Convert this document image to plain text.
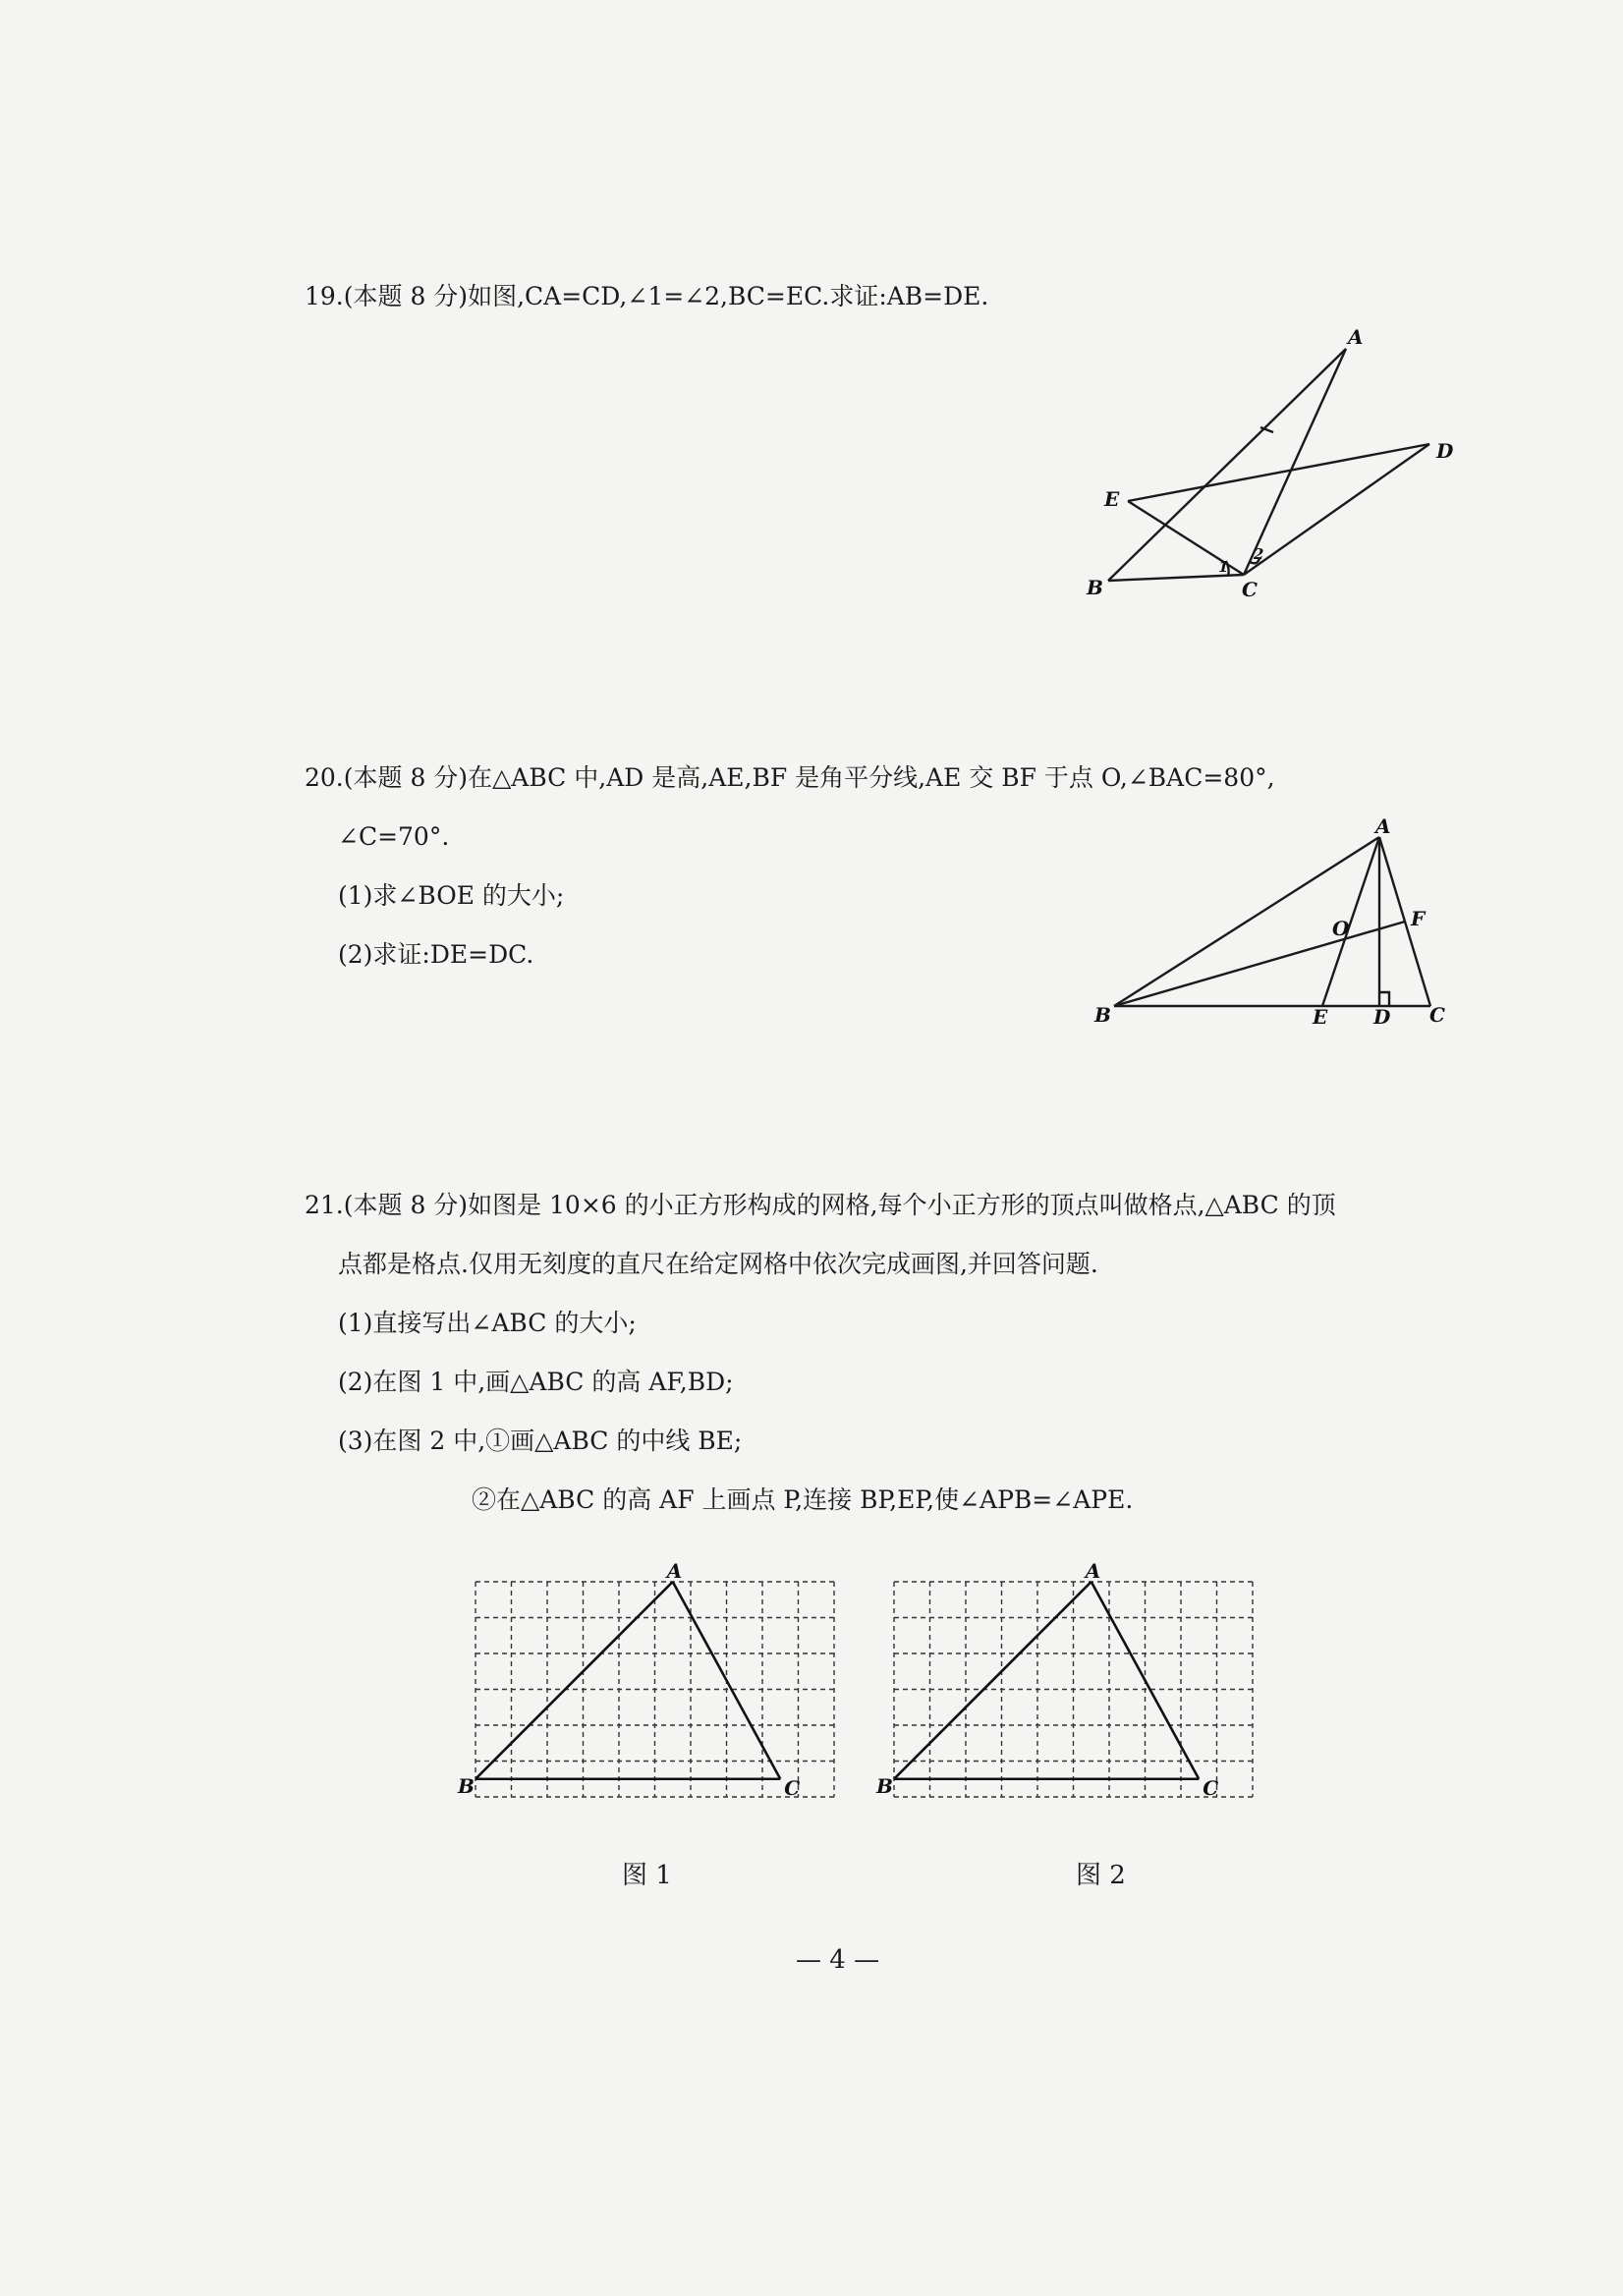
19.(本题 8 分)如图,CA=CD,∠1=∠2,BC=EC.求证:AB=DE.
A
B	C
D
E
1
2
20.(本题 8 分)在△ABC 中,AD 是高,AE,BF 是角平分线,AE 交 BF 于点 O,∠BAC=80°,
∠C=70°.
(1)求∠BOE 的大小;
(2)求证:DE=DC.
A
B	C
D
E
F
O
21.(本题 8 分)如图是 10×6 的小正方形构成的网格,每个小正方形的顶点叫做格点,△ABC 的顶
点都是格点.仅用无刻度的直尺在给定网格中依次完成画图,并回答问题.
(1)直接写出∠ABC 的大小;
(2)在图 1 中,画△ABC 的高 AF,BD;
(3)在图 2 中,①画△ABC 的中线 BE;
②在△ABC 的高 AF 上画点 P,连接 BP,EP,使∠APB=∠APE.
A
B	C
图 1
A
B	C
图 2
— 4 —
